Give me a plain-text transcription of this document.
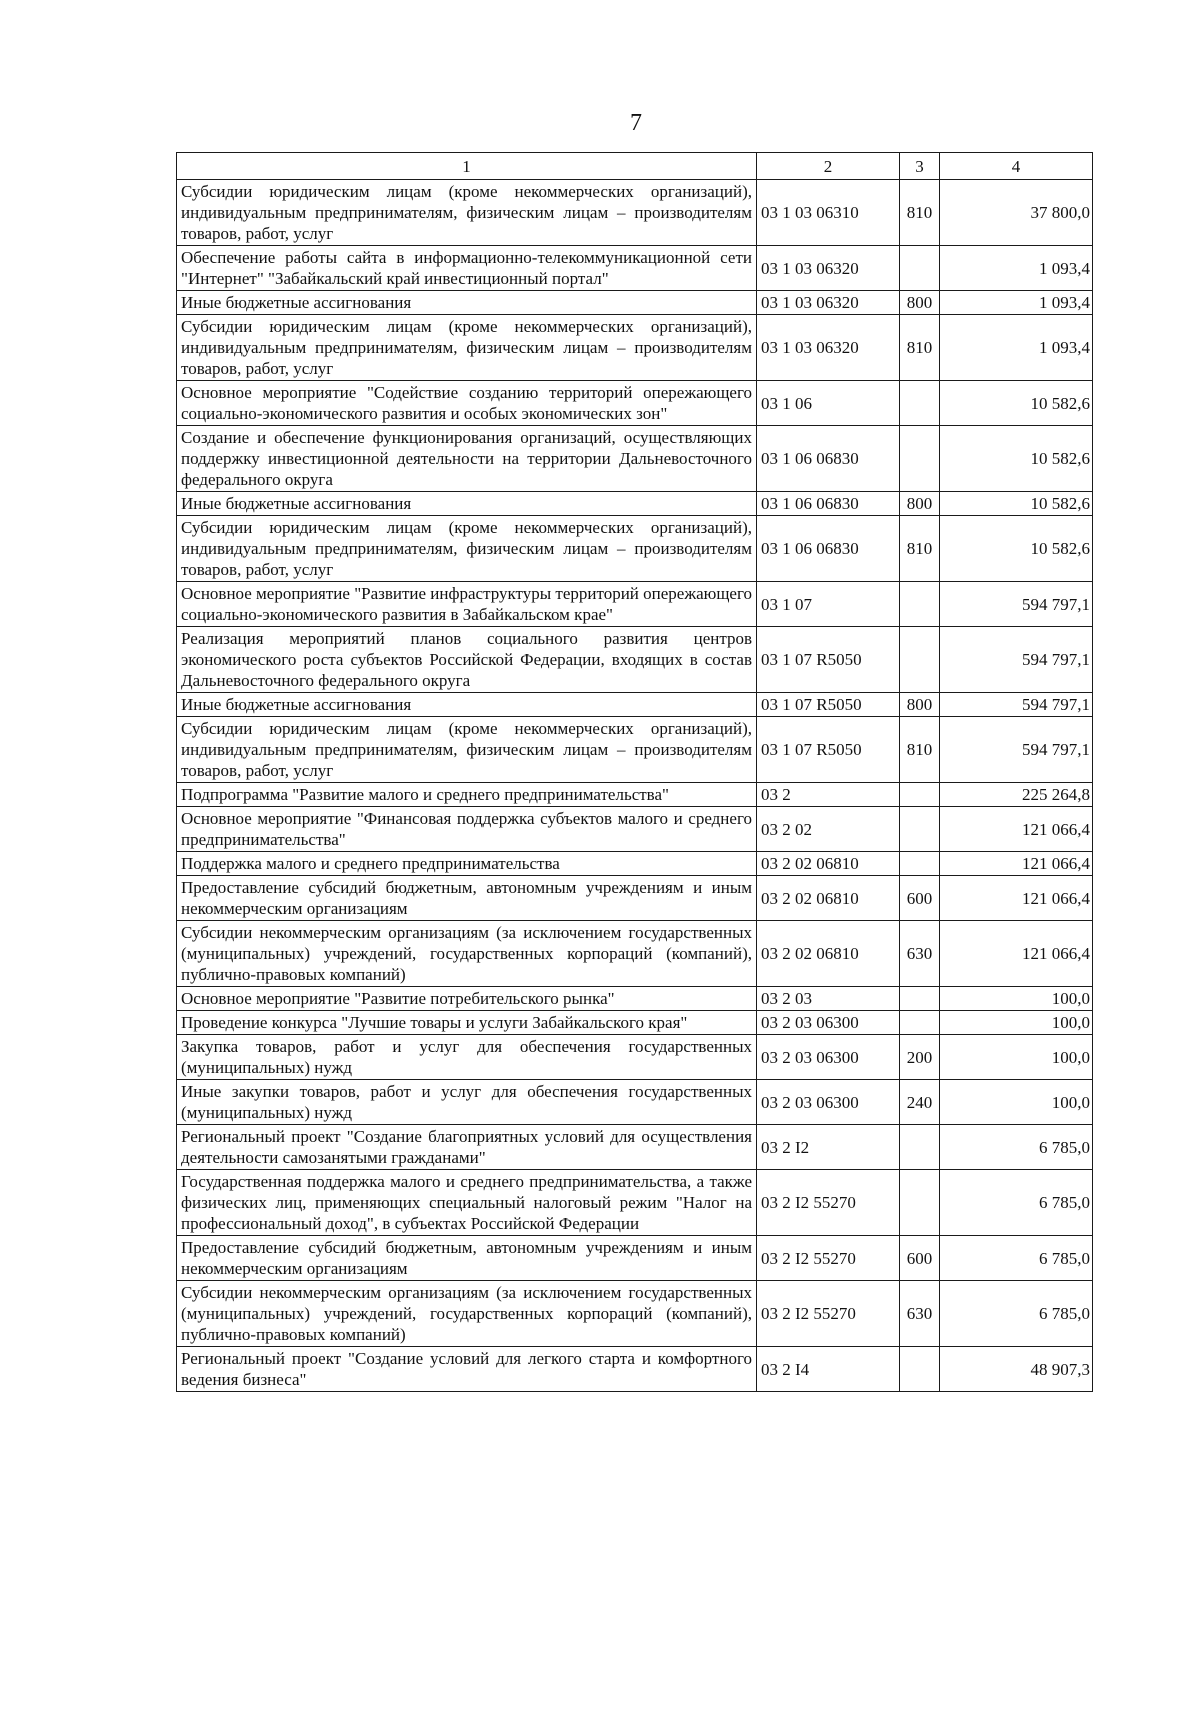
7
1	2	3	4
Субсидии юридическим лицам (кроме некоммерческих организаций), индивидуальным предпринимателям, физическим лицам – производителям товаров, работ, услуг	03 1 03 06310	810	37 800,0
Обеспечение работы сайта в информационно-телекоммуникационной сети "Интернет" "Забайкальский край инвестиционный портал"	03 1 03 06320		1 093,4
Иные бюджетные ассигнования	03 1 03 06320	800	1 093,4
Субсидии юридическим лицам (кроме некоммерческих организаций), индивидуальным предпринимателям, физическим лицам – производителям товаров, работ, услуг	03 1 03 06320	810	1 093,4
Основное мероприятие "Содействие созданию территорий опережающего социально-экономического развития и особых экономических зон"	03 1 06		10 582,6
Создание и обеспечение функционирования организаций, осуществляющих поддержку инвестиционной деятельности на территории Дальневосточного федерального округа	03 1 06 06830		10 582,6
Иные бюджетные ассигнования	03 1 06 06830	800	10 582,6
Субсидии юридическим лицам (кроме некоммерческих организаций), индивидуальным предпринимателям, физическим лицам – производителям товаров, работ, услуг	03 1 06 06830	810	10 582,6
Основное мероприятие "Развитие инфраструктуры территорий опережающего социально-экономического развития в Забайкальском крае"	03 1 07		594 797,1
Реализация мероприятий планов социального развития центров экономического роста субъектов Российской Федерации, входящих в состав Дальневосточного федерального округа	03 1 07 R5050		594 797,1
Иные бюджетные ассигнования	03 1 07 R5050	800	594 797,1
Субсидии юридическим лицам (кроме некоммерческих организаций), индивидуальным предпринимателям, физическим лицам – производителям товаров, работ, услуг	03 1 07 R5050	810	594 797,1
Подпрограмма "Развитие малого и среднего предпринимательства"	03 2		225 264,8
Основное мероприятие "Финансовая поддержка субъектов малого и среднего предпринимательства"	03 2 02		121 066,4
Поддержка малого и среднего предпринимательства	03 2 02 06810		121 066,4
Предоставление субсидий бюджетным, автономным учреждениям и иным некоммерческим организациям	03 2 02 06810	600	121 066,4
Субсидии некоммерческим организациям (за исключением государственных (муниципальных) учреждений, государственных корпораций (компаний), публично-правовых компаний)	03 2 02 06810	630	121 066,4
Основное мероприятие "Развитие потребительского рынка"	03 2 03		100,0
Проведение конкурса "Лучшие товары и услуги Забайкальского края"	03 2 03 06300		100,0
Закупка товаров, работ и услуг для обеспечения государственных (муниципальных) нужд	03 2 03 06300	200	100,0
Иные закупки товаров, работ и услуг для обеспечения государственных (муниципальных) нужд	03 2 03 06300	240	100,0
Региональный проект "Создание благоприятных условий для осуществления деятельности самозанятыми гражданами"	03 2 I2		6 785,0
Государственная поддержка малого и среднего предпринимательства, а также физических лиц, применяющих специальный налоговый режим "Налог на профессиональный доход", в субъектах Российской Федерации	03 2 I2 55270		6 785,0
Предоставление субсидий бюджетным, автономным учреждениям и иным некоммерческим организациям	03 2 I2 55270	600	6 785,0
Субсидии некоммерческим организациям (за исключением государственных (муниципальных) учреждений, государственных корпораций (компаний), публично-правовых компаний)	03 2 I2 55270	630	6 785,0
Региональный проект "Создание условий для легкого старта и комфортного ведения бизнеса"	03 2 I4		48 907,3
